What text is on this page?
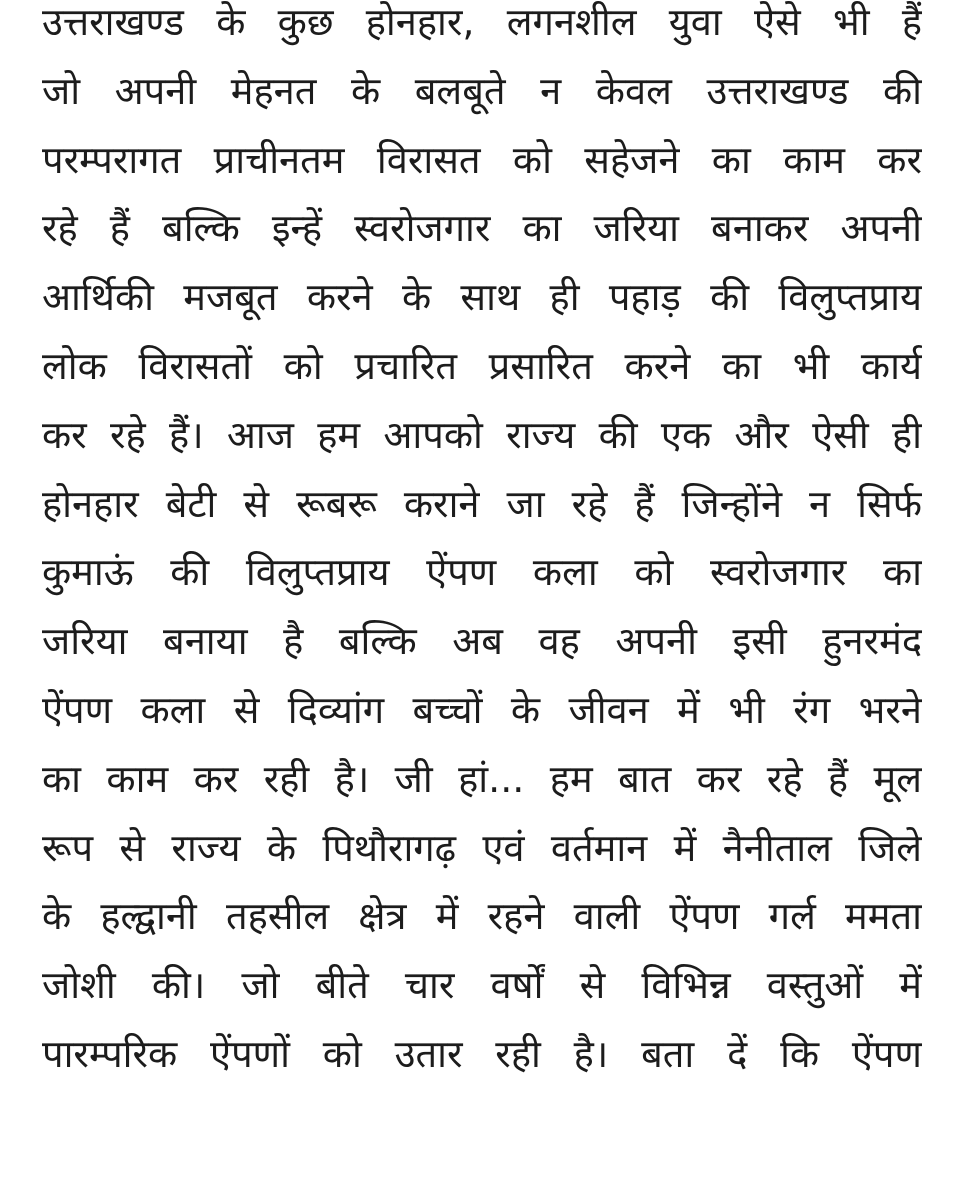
उत्तराखण्ड के कुछ होनहार, लगनशील युवा ऐसे भी हैं
जो अपनी मेहनत के बलबूते न केवल उत्तराखण्ड की
परम्परागत प्राचीनतम विरासत को सहेजने का काम कर
रहे हैं बल्कि इन्हें स्वरोजगार का जरिया बनाकर अपनी
आर्थिकी मजबूत करने के साथ ही पहाड़ की विलुप्तप्राय
लोक विरासतों को प्रचारित प्रसारित करने का भी कार्य
कर रहे हैं। आज हम आपको राज्य की एक और ऐसी ही
होनहार बेटी से रूबरू कराने जा रहे हैं जिन्होंने न सिर्फ
कुमाऊं की विलुप्तप्राय ऐंपण कला को स्वरोजगार का
जरिया बनाया है बल्कि अब वह अपनी इसी हुनरमंद
ऐंपण कला से दिव्यांग बच्चों के जीवन में भी रंग भरने
का काम कर रही है। जी हां... हम बात कर रहे हैं मूल
रूप से राज्य के पिथौरागढ़ एवं वर्तमान में नैनीताल जिले
के हल्द्वानी तहसील क्षेत्र में रहने वाली ऐंपण गर्ल ममता
जोशी की। जो बीते चार वर्षों से विभिन्न वस्तुओं में
पारम्परिक ऐंपणों को उतार रही है। बता दें कि ऐंपण
